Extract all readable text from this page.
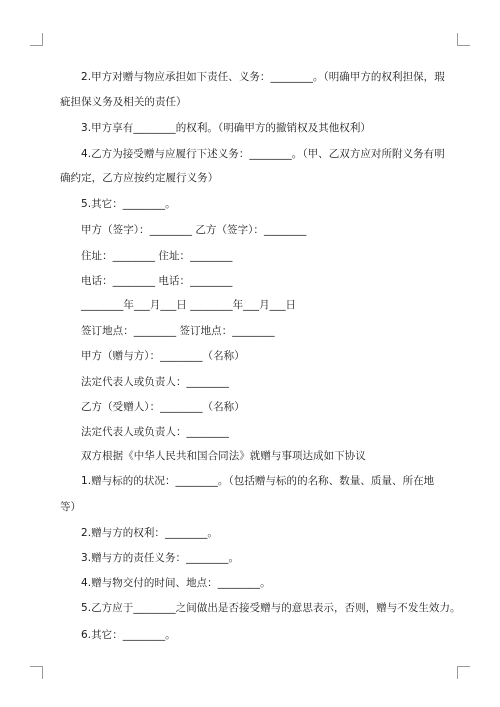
2.甲方对赠与物应承担如下责任、义务：________。（明确甲方的权利担保，瑕
疵担保义务及相关的责任）
3.甲方享有________的权利。（明确甲方的撤销权及其他权利）
4.乙方为接受赠与应履行下述义务：________。（甲、乙双方应对所附义务有明
确约定，乙方应按约定履行义务）
5.其它：________。
甲方（签字）：________ 乙方（签字）：________
住址：________ 住址：________
电话：________ 电话：________
________年___月___日 ________年___月___日
签订地点：________ 签订地点：________
甲方（赠与方）：________（名称）
法定代表人或负责人：________
乙方（受赠人）：________（名称）
法定代表人或负责人：________
双方根据《中华人民共和国合同法》就赠与事项达成如下协议
1.赠与标的的状况：________。（包括赠与标的的名称、数量、质量、所在地
等）
2.赠与方的权利：________。
3.赠与方的责任义务：________。
4.赠与物交付的时间、地点：________。
5.乙方应于________之间做出是否接受赠与的意思表示，否则，赠与不发生效力。
6.其它：________。
